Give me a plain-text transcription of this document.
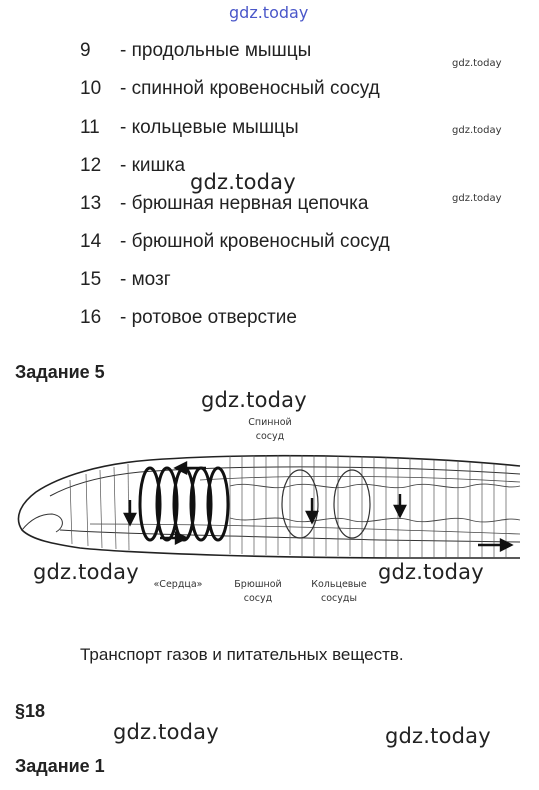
gdz.today
9 - продольные мышцы
10 - спинной кровеносный сосуд
11 - кольцевые мышцы
12 - кишка
13 - брюшная нервная цепочка
14 - брюшной кровеносный сосуд
15 - мозг
16 - ротовое отверстие
gdz.today
gdz.today
gdz.today
gdz.today
Задание 5
gdz.today
Спинной
сосуд
gdz.today	gdz.today
«Сердца»	Брюшной
сосуд
Кольцевые
сосуды
Транспорт газов и питательных веществ.
§18
gdz.today	gdz.today
Задание 1
